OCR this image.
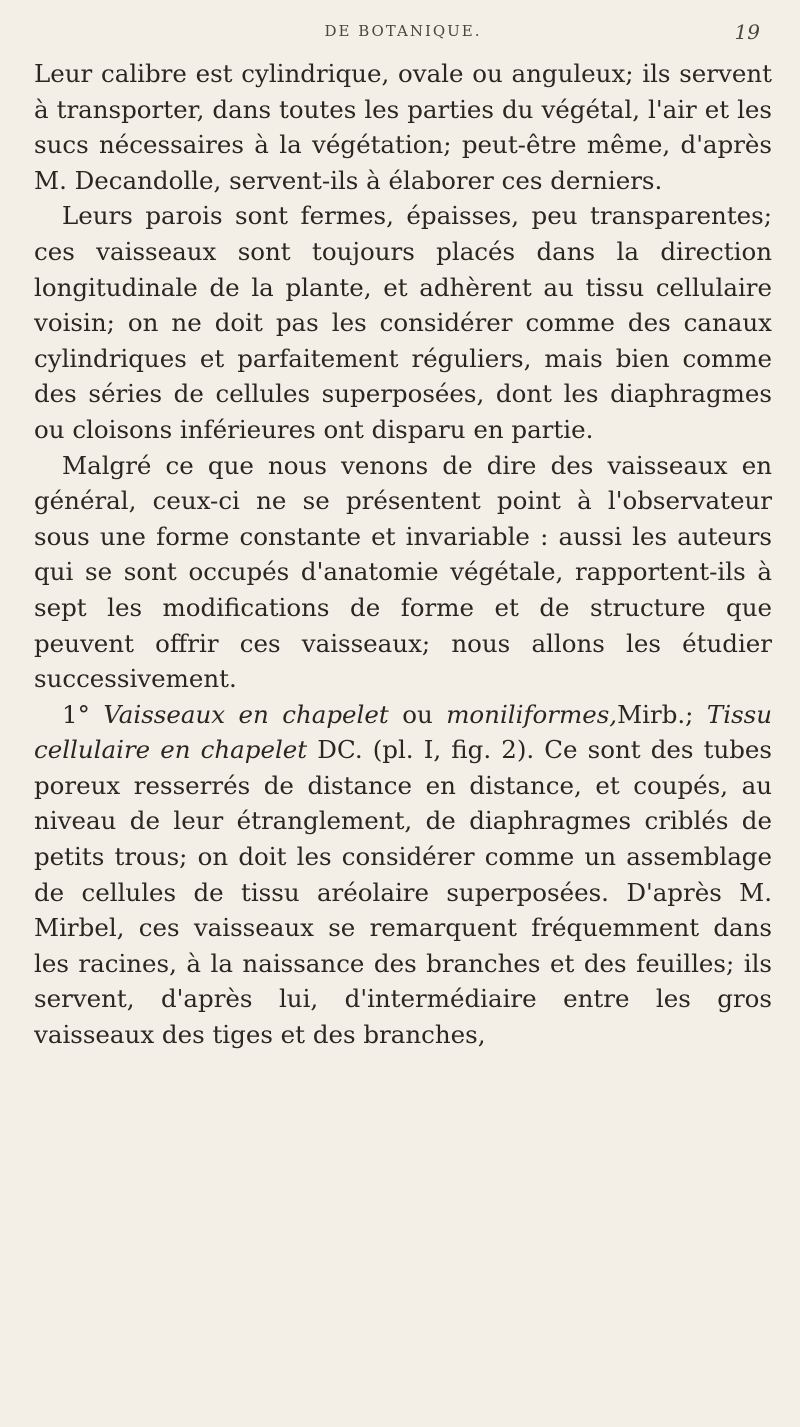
DE BOTANIQUE.	19

Leur calibre est cylindrique, ovale ou anguleux; ils servent à transporter, dans toutes les parties du végétal, l'air et les sucs nécessaires à la végétation; peut-être même, d'après M. Decandolle, servent-ils à élaborer ces derniers.

Leurs parois sont fermes, épaisses, peu transparentes; ces vaisseaux sont toujours placés dans la direction longitudinale de la plante, et adhèrent au tissu cellulaire voisin; on ne doit pas les considérer comme des canaux cylindriques et parfaitement réguliers, mais bien comme des séries de cellules superposées, dont les diaphragmes ou cloisons inférieures ont disparu en partie.

Malgré ce que nous venons de dire des vaisseaux en général, ceux-ci ne se présentent point à l'observateur sous une forme constante et invariable : aussi les auteurs qui se sont occupés d'anatomie végétale, rapportent-ils à sept les modifications de forme et de structure que peuvent offrir ces vaisseaux; nous allons les étudier successivement.

1° Vaisseaux en chapelet ou moniliformes,Mirb.; Tissu cellulaire en chapelet DC. (pl. I, fig. 2). Ce sont des tubes poreux resserrés de distance en distance, et coupés, au niveau de leur étranglement, de diaphragmes criblés de petits trous; on doit les considérer comme un assemblage de cellules de tissu aréolaire superposées. D'après M. Mirbel, ces vaisseaux se remarquent fréquemment dans les racines, à la naissance des branches et des feuilles; ils servent, d'après lui, d'intermédiaire entre les gros vaisseaux des tiges et des branches,
